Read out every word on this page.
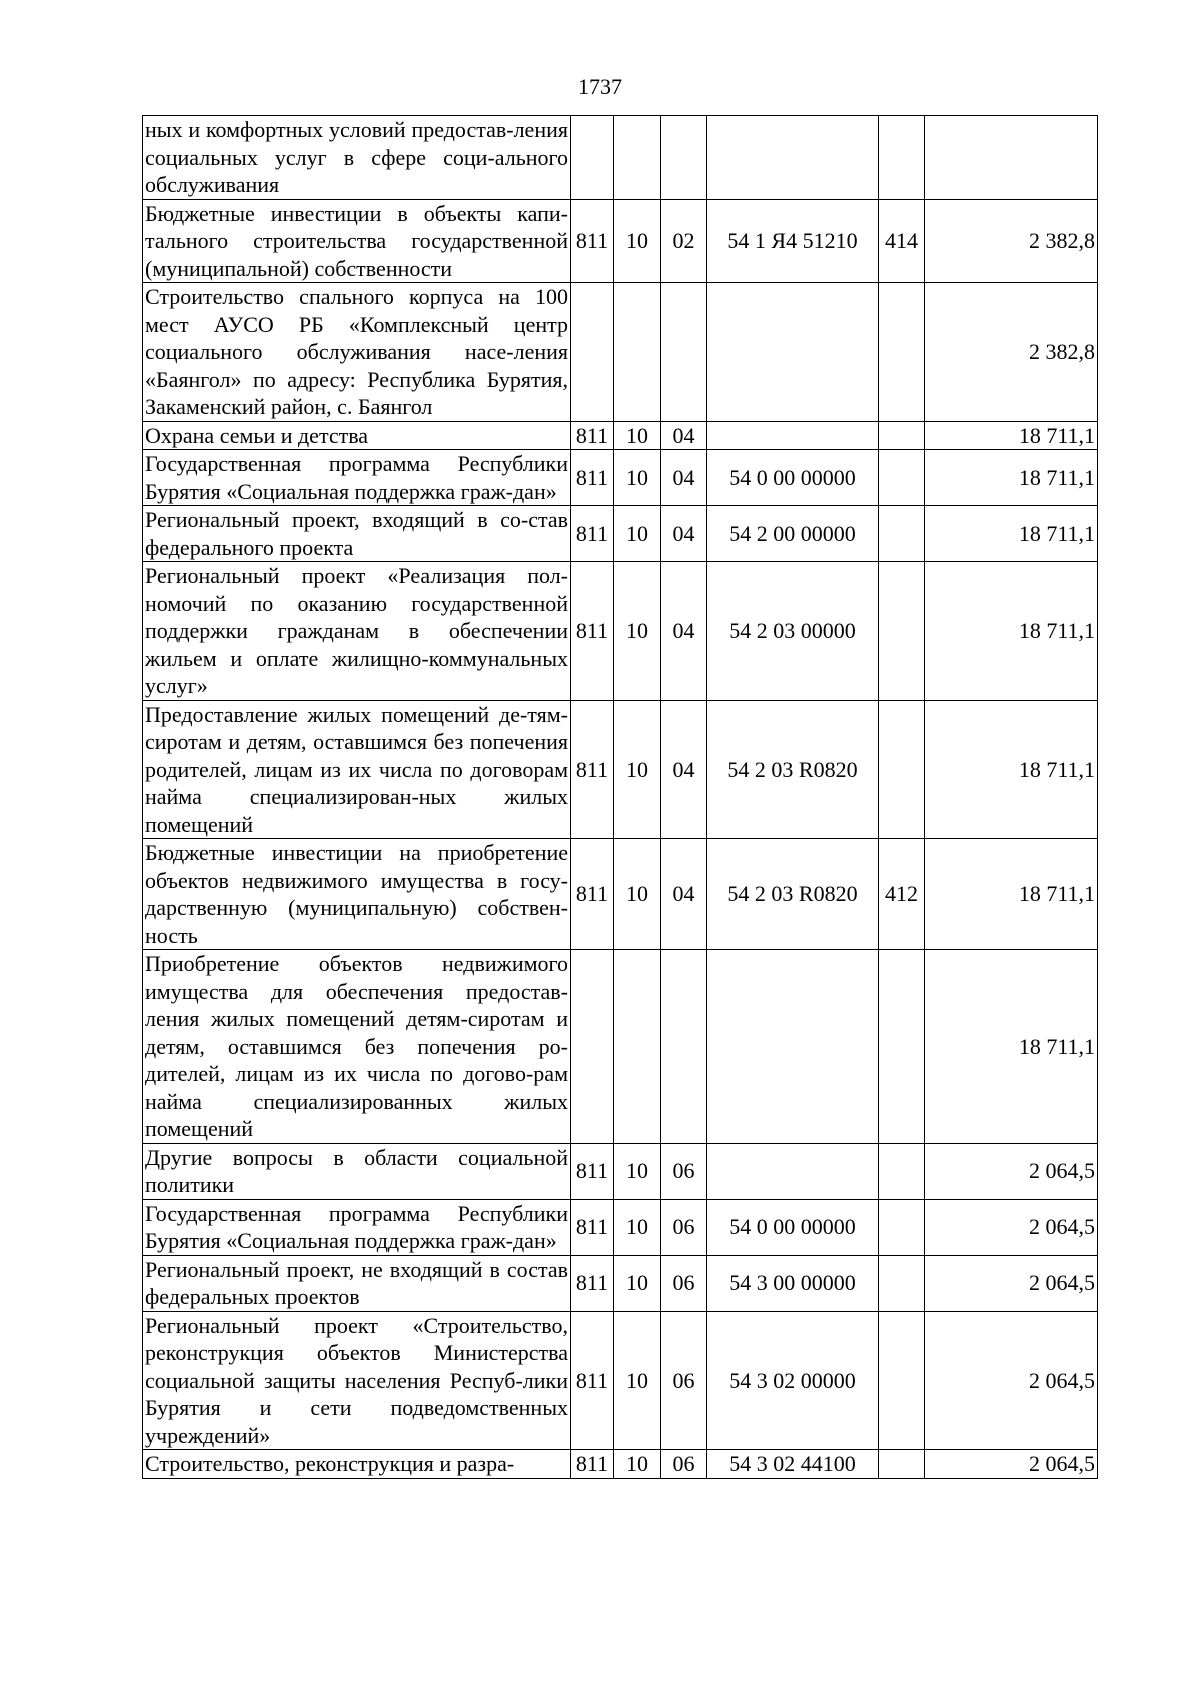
1737
ных и комфортных условий предостав-ления социальных услуг в сфере соци-ального обслуживания						
Бюджетные инвестиции в объекты капи-тального строительства государственной (муниципальной) собственности	811	10	02	54 1 Я4 51210	414	2 382,8
Строительство спального корпуса на 100 мест АУСО РБ «Комплексный центр социального обслуживания насе-ления «Баянгол» по адресу: Республика Бурятия, Закаменский район, с. Баянгол						2 382,8
Охрана семьи и детства	811	10	04			18 711,1
Государственная программа Республики Бурятия «Социальная поддержка граж-дан»	811	10	04	54 0 00 00000		18 711,1
Региональный проект, входящий в со-став федерального проекта	811	10	04	54 2 00 00000		18 711,1
Региональный проект «Реализация пол-номочий по оказанию государственной поддержки гражданам в обеспечении жильем и оплате жилищно-коммунальных услуг»	811	10	04	54 2 03 00000		18 711,1
Предоставление жилых помещений де-тям-сиротам и детям, оставшимся без попечения родителей, лицам из их числа по договорам найма специализирован-ных жилых помещений	811	10	04	54 2 03 R0820		18 711,1
Бюджетные инвестиции на приобретение объектов недвижимого имущества в госу-дарственную (муниципальную) собствен-ность	811	10	04	54 2 03 R0820	412	18 711,1
Приобретение объектов недвижимого имущества для обеспечения предостав-ления жилых помещений детям-сиротам и детям, оставшимся без попечения ро-дителей, лицам из их числа по догово-рам найма специализированных жилых помещений						18 711,1
Другие вопросы в области социальной политики	811	10	06			2 064,5
Государственная программа Республики Бурятия «Социальная поддержка граж-дан»	811	10	06	54 0 00 00000		2 064,5
Региональный проект, не входящий в состав федеральных проектов	811	10	06	54 3 00 00000		2 064,5
Региональный проект «Строительство, реконструкция объектов Министерства социальной защиты населения Респуб-лики Бурятия и сети подведомственных учреждений»	811	10	06	54 3 02 00000		2 064,5
Строительство, реконструкция и разра-	811	10	06	54 3 02 44100		2 064,5
